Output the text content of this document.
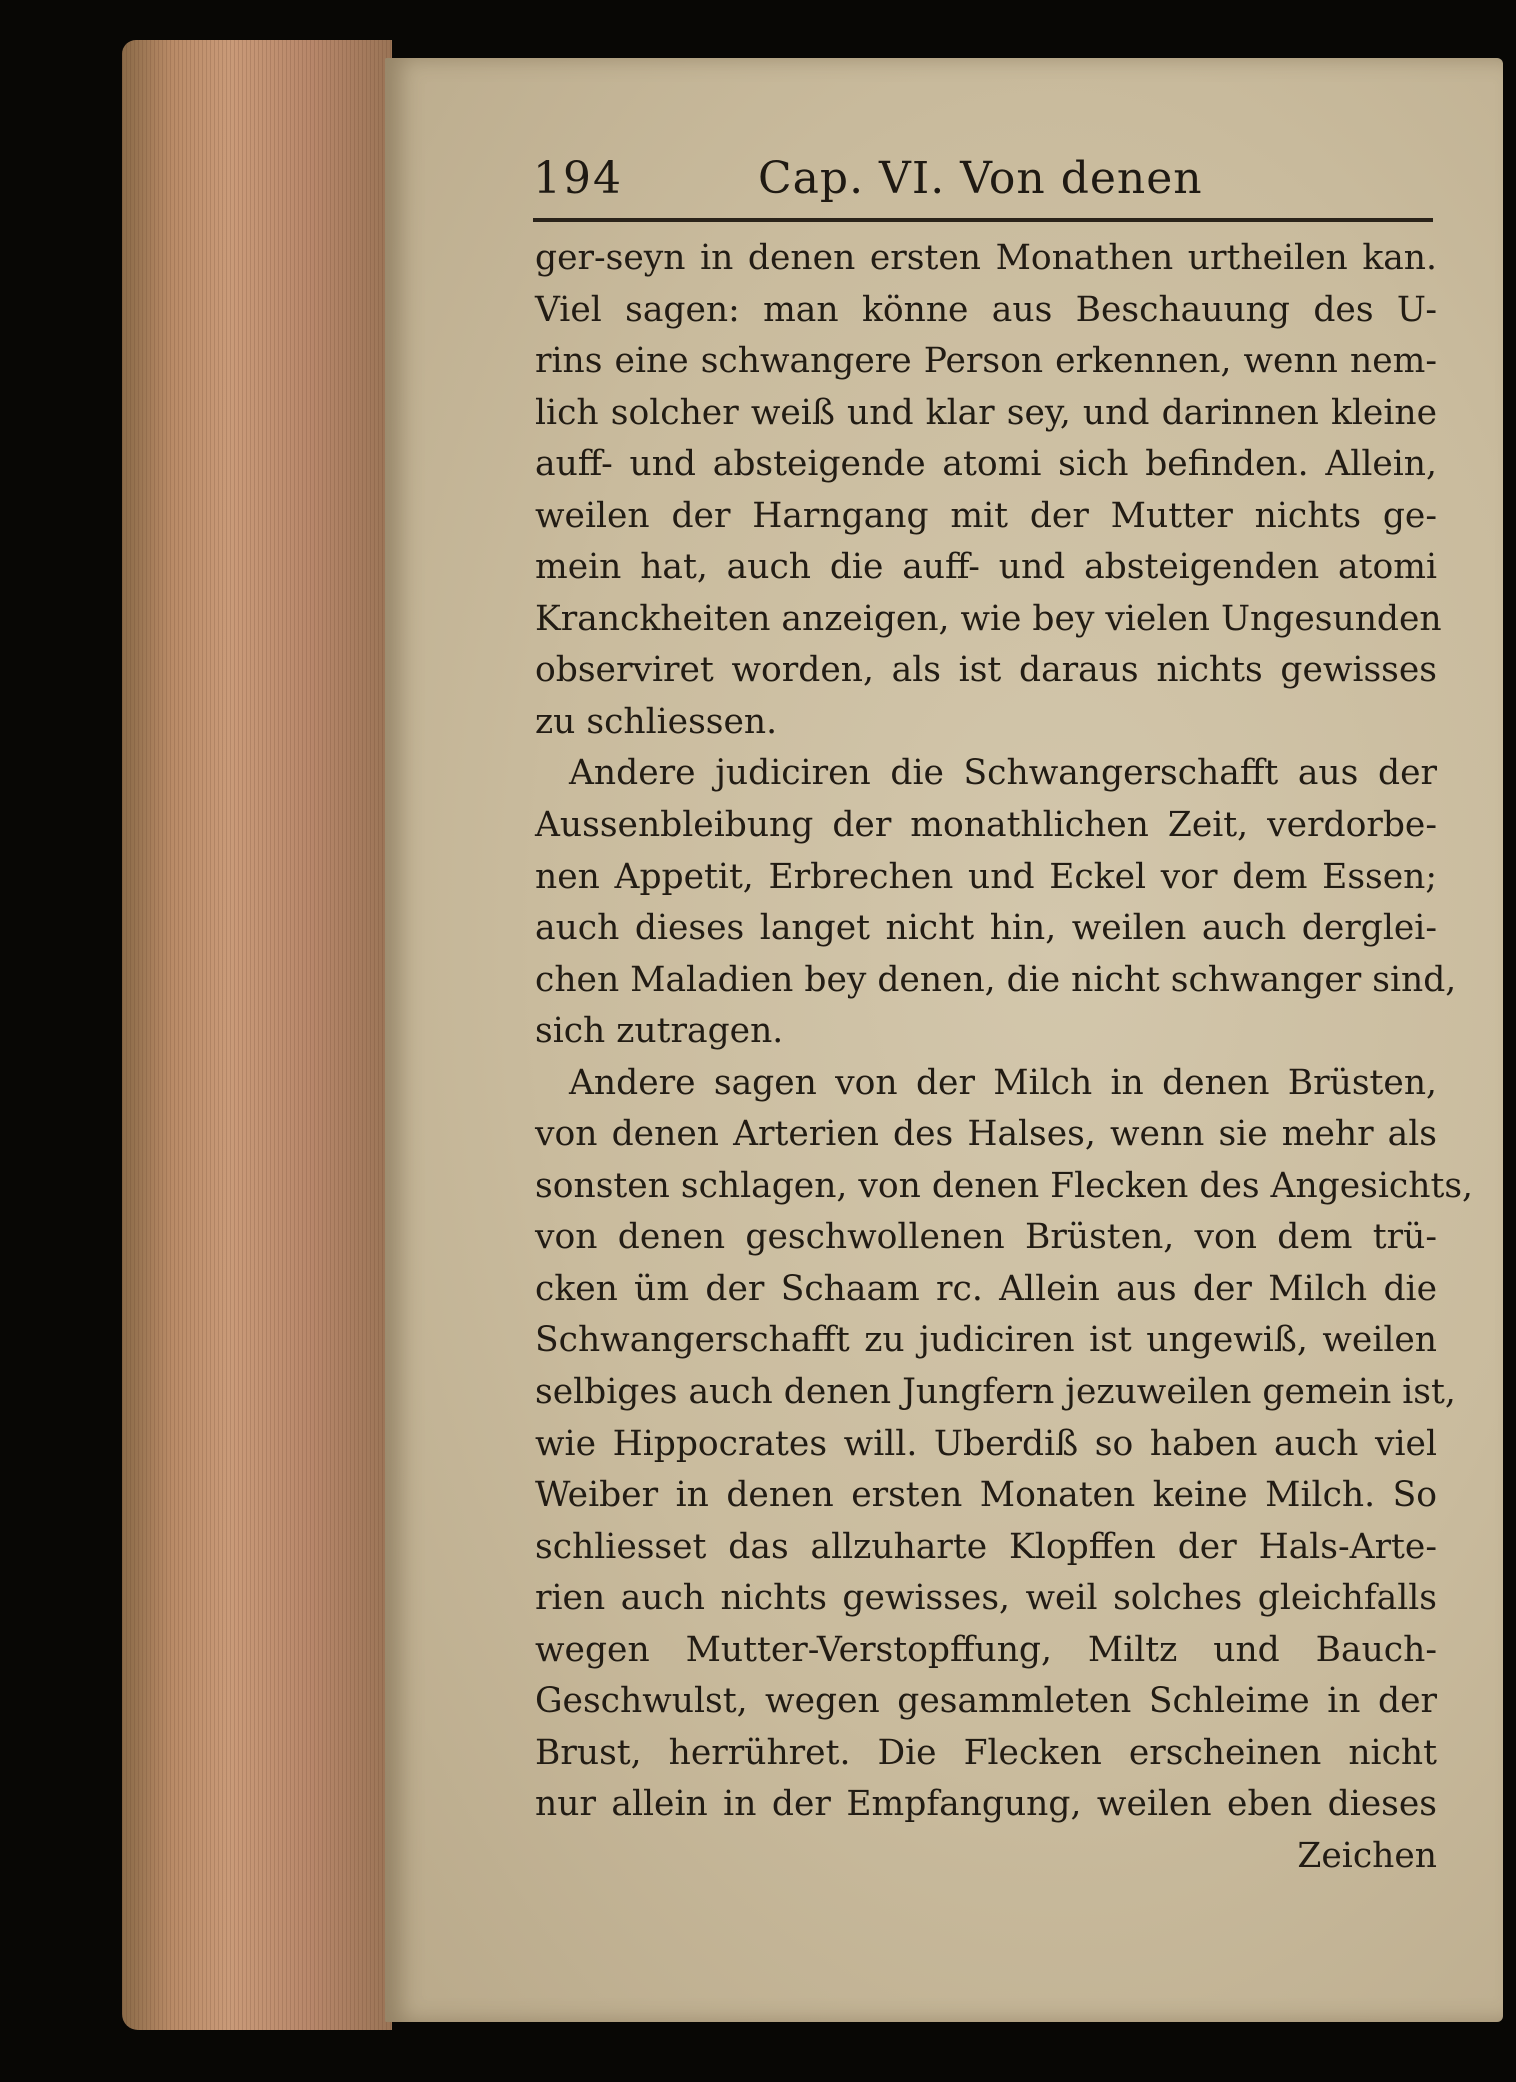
194	Cap. VI. Von denen
ger-seyn in denen ersten Monathen urtheilen kan.
Viel sagen: man könne aus Beschauung des U-
rins eine schwangere Person erkennen, wenn nem-
lich solcher weiß und klar sey, und darinnen kleine
auff- und absteigende atomi sich befinden. Allein,
weilen der Harngang mit der Mutter nichts ge-
mein hat, auch die auff- und absteigenden atomi
Kranckheiten anzeigen, wie bey vielen Ungesunden
observiret worden, als ist daraus nichts gewisses
zu schliessen.
Andere judiciren die Schwangerschafft aus der
Aussenbleibung der monathlichen Zeit, verdorbe-
nen Appetit, Erbrechen und Eckel vor dem Essen;
auch dieses langet nicht hin, weilen auch derglei-
chen Maladien bey denen, die nicht schwanger sind,
sich zutragen.
Andere sagen von der Milch in denen Brüsten,
von denen Arterien des Halses, wenn sie mehr als
sonsten schlagen, von denen Flecken des Angesichts,
von denen geschwollenen Brüsten, von dem trü-
cken üm der Schaam rc. Allein aus der Milch die
Schwangerschafft zu judiciren ist ungewiß, weilen
selbiges auch denen Jungfern jezuweilen gemein ist,
wie Hippocrates will. Uberdiß so haben auch viel
Weiber in denen ersten Monaten keine Milch. So
schliesset das allzuharte Klopffen der Hals-Arte-
rien auch nichts gewisses, weil solches gleichfalls
wegen Mutter-Verstopffung, Miltz und Bauch-
Geschwulst, wegen gesammleten Schleime in der
Brust, herrühret. Die Flecken erscheinen nicht
nur allein in der Empfangung, weilen eben dieses
Zeichen
